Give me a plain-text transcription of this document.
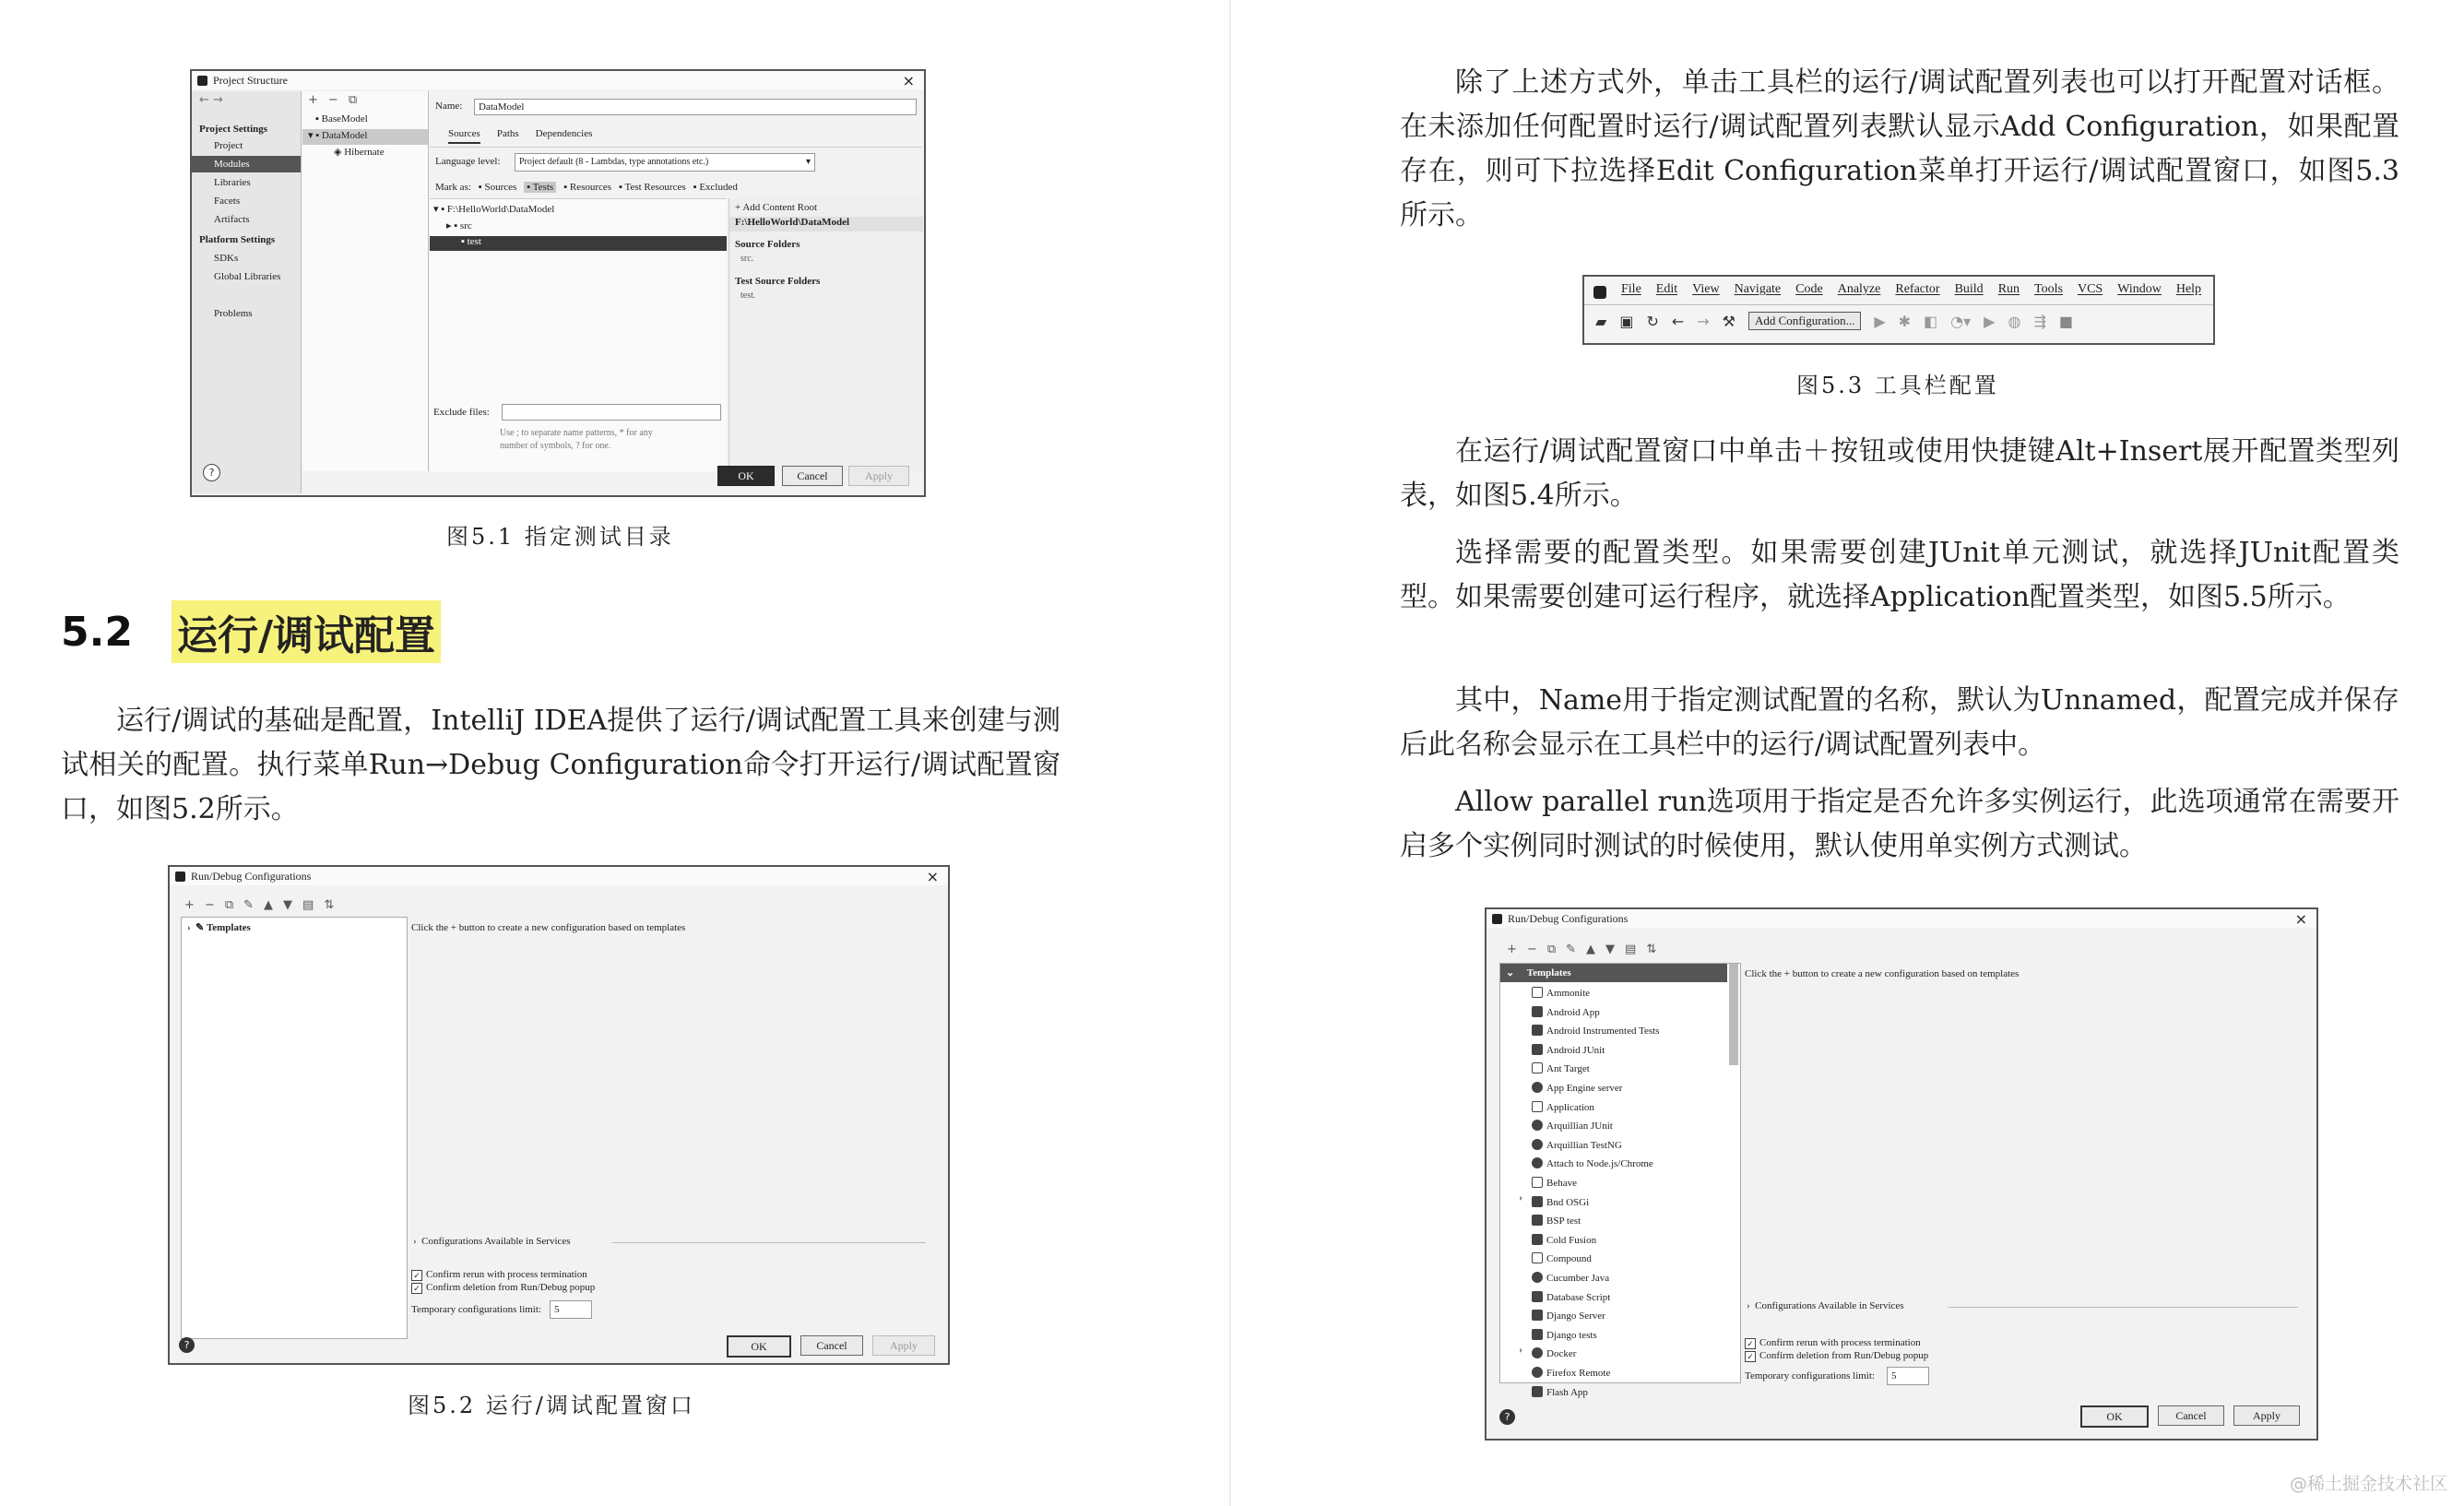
Project Structure	×
← →
Project Settings
Project
Modules
Libraries
Facets
Artifacts
Platform Settings
SDKs
Global Libraries
Problems
?
+ − ⧉
▪ BaseModel
▾ ▪ DataModel
◈ Hibernate
Name:	DataModel
Sources Paths Dependencies
Language level:	Project default (8 - Lambdas, type annotations etc.)	▾
Mark as: ▪ Sources ▪ Tests ▪ Resources ▪ Test Resources ▪ Excluded
▾ ▪ F:\HelloWorld\DataModel
▸ ▪ src
▪ test
+ Add Content Root
F:\HelloWorld\DataModel
Source Folders
src.
Test Source Folders
test.
Exclude files:
Use ; to separate name patterns, * for any
number of symbols, ? for one.
OK	Cancel	Apply

图5.1 指定测试目录

5.2 运行/调试配置

运行/调试的基础是配置，IntelliJ IDEA提供了运行/调试配置工具来创建与测试相关的配置。执行菜单Run→Debug Configuration命令打开运行/调试配置窗口，如图5.2所示。

Run/Debug Configurations	×
+ − ⧉ ✎ ▲ ▼ ▤ ⇅
›  ✎ Templates	Click the + button to create a new configuration based on templates
›  Configurations Available in Services
✓ Confirm rerun with process termination
✓ Confirm deletion from Run/Debug popup
Temporary configurations limit:	5
?	OK	Cancel	Apply

图5.2 运行/调试配置窗口

除了上述方式外，单击工具栏的运行/调试配置列表也可以打开配置对话框。在未添加任何配置时运行/调试配置列表默认显示Add Configuration，如果配置存在，则可下拉选择Edit Configuration菜单打开运行/调试配置窗口，如图5.3所示。

File Edit View Navigate Code Analyze Refactor Build Run Tools VCS Window Help
▰ ▣ ↻ ← → ⚒	Add Configuration...	▶ ✱ ◧ ◔▾ ▶ ◍ ⇶ ■

图5.3 工具栏配置

在运行/调试配置窗口中单击＋按钮或使用快捷键Alt+Insert展开配置类型列表，如图5.4所示。

选择需要的配置类型。如果需要创建JUnit单元测试，就选择JUnit配置类型。如果需要创建可运行程序，就选择Application配置类型，如图5.5所示。

其中，Name用于指定测试配置的名称，默认为Unnamed，配置完成并保存后此名称会显示在工具栏中的运行/调试配置列表中。

Allow parallel run选项用于指定是否允许多实例运行，此选项通常在需要开启多个实例同时测试的时候使用，默认使用单实例方式测试。

Run/Debug Configurations	×
+ − ⧉ ✎ ▲ ▼ ▤ ⇅
⌄     Templates
Ammonite
Android App
Android Instrumented Tests
Android JUnit
Ant Target
App Engine server
Application
Arquillian JUnit
Arquillian TestNG
Attach to Node.js/Chrome
Behave
Bnd OSGi
BSP test
Cold Fusion
Compound
Cucumber Java
Database Script
Django Server
Django tests
Docker
Firefox Remote
Flash App
›
›
Click the + button to create a new configuration based on templates
›  Configurations Available in Services
✓ Confirm rerun with process termination
✓ Confirm deletion from Run/Debug popup
Temporary configurations limit:	5
?	OK	Cancel	Apply
@稀土掘金技术社区
